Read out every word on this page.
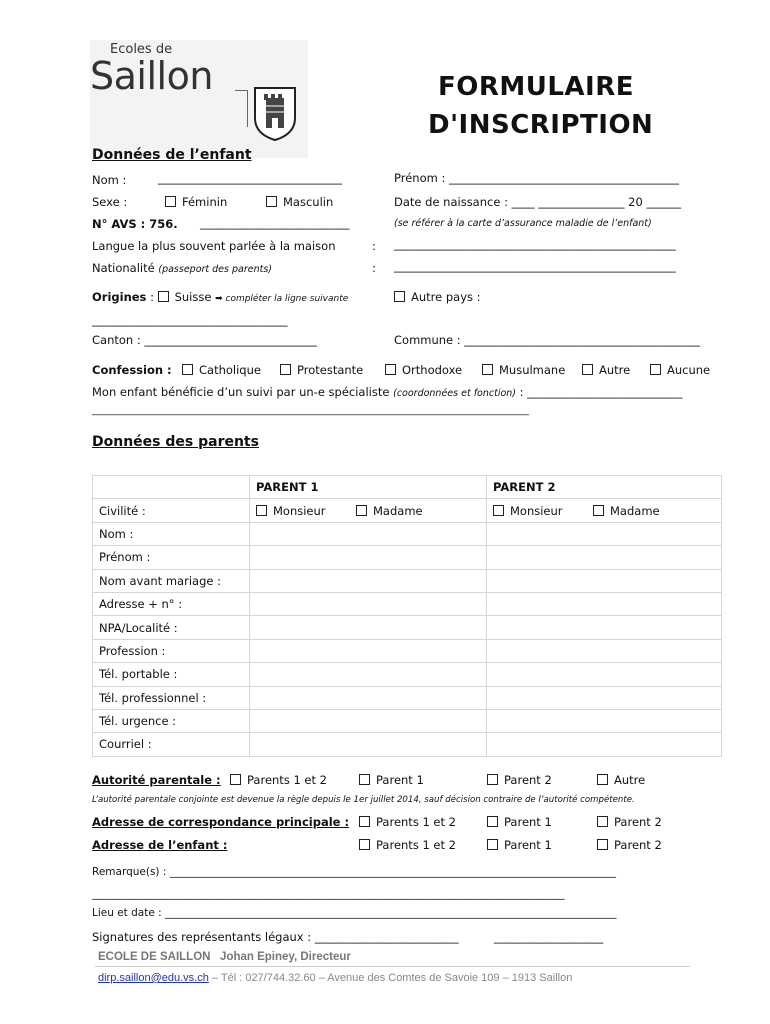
Ecoles de
Saillon	FORMULAIRE
D'INSCRIPTION
Données de l’enfant
Nom :	________________________________	Prénom : ________________________________________
Sexe :	Féminin	Masculin	Date de naissance : ____ _______________ 20 ______
N° AVS : 756. __________________________	(se référer à la carte d’assurance maladie de l’enfant)
Langue la plus souvent parlée à la maison	: _________________________________________________
Nationalité (passeport des parents)	: _________________________________________________
Origines : Suisse ➡ compléter la ligne suivante	Autre pays :
__________________________________
Canton : ______________________________	Commune : _________________________________________
Confession :	Catholique	Protestante	Orthodoxe	Musulmane	Autre	Aucune
Mon enfant bénéficie d’un suivi par un-e spécialiste (coordonnées et fonction) : ___________________________
____________________________________________________________________________________________
Données des parents
	PARENT 1	PARENT 2
Civilité :	Monsieur Madame	Monsieur Madame
Nom :		
Prénom :		
Nom avant mariage :		
Adresse + n° :		
NPA/Localité :		
Profession :		
Tél. portable :		
Tél. professionnel :		
Tél. urgence :		
Courriel :		
Autorité parentale :	Parents 1 et 2	Parent 1	Parent 2	Autre
L’autorité parentale conjointe est devenue la règle depuis le 1er juillet 2014, sauf décision contraire de l’autorité compétente.
Adresse de correspondance principale :	Parents 1 et 2	Parent 1	Parent 2
Adresse de l’enfant :	Parents 1 et 2	Parent 1	Parent 2
Remarque(s) : _____________________________________________________________________________________
__________________________________________________________________________________________
Lieu et date : ______________________________________________________________________________________
Signatures des représentants légaux : _________________________	___________________
ECOLE DE SAILLON Johan Epiney, Directeur
dirp.saillon@edu.vs.ch – Tél : 027/744.32.60 – Avenue des Comtes de Savoie 109 – 1913 Saillon
